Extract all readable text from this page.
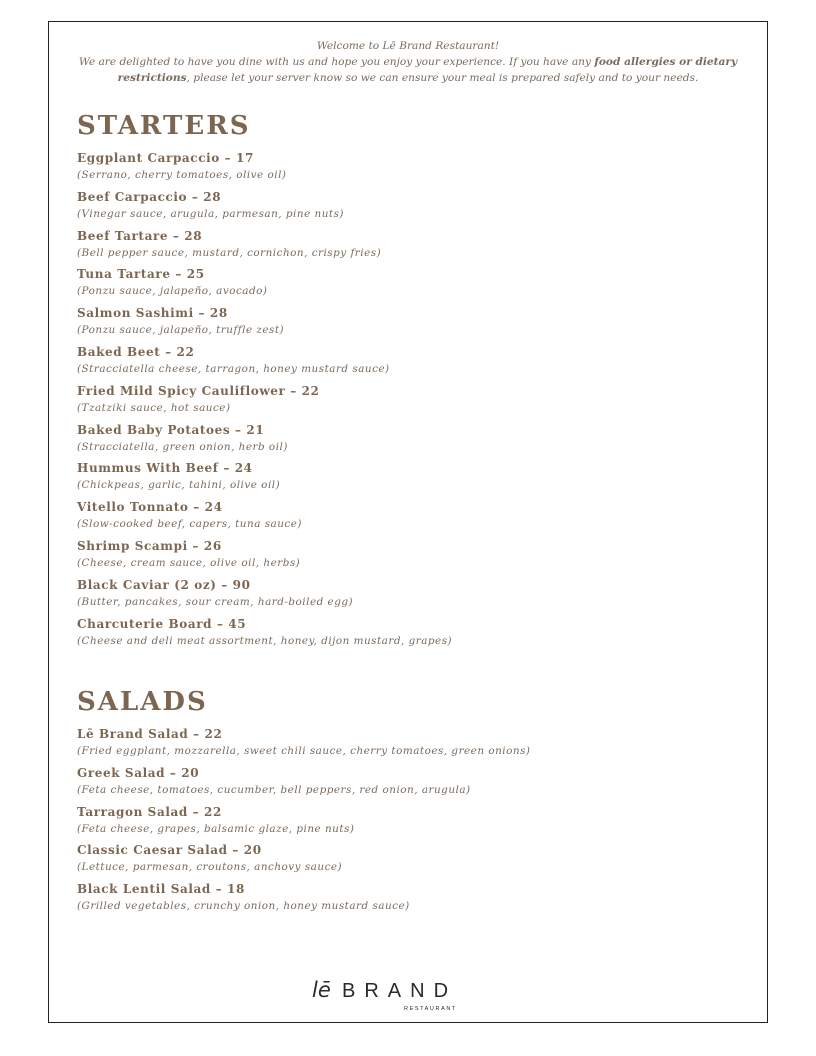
Welcome to Lē Brand Restaurant!
We are delighted to have you dine with us and hope you enjoy your experience. If you have any food allergies or dietary restrictions, please let your server know so we can ensure your meal is prepared safely and to your needs.
STARTERS
Eggplant Carpaccio – 17
(Serrano, cherry tomatoes, olive oil)
Beef Carpaccio – 28
(Vinegar sauce, arugula, parmesan, pine nuts)
Beef Tartare – 28
(Bell pepper sauce, mustard, cornichon, crispy fries)
Tuna Tartare – 25
(Ponzu sauce, jalapeño, avocado)
Salmon Sashimi – 28
(Ponzu sauce, jalapeño, truffle zest)
Baked Beet – 22
(Stracciatella cheese, tarragon, honey mustard sauce)
Fried Mild Spicy Cauliflower – 22
(Tzatziki sauce, hot sauce)
Baked Baby Potatoes – 21
(Stracciatella, green onion, herb oil)
Hummus With Beef – 24
(Chickpeas, garlic, tahini, olive oil)
Vitello Tonnato – 24
(Slow-cooked beef, capers, tuna sauce)
Shrimp Scampi – 26
(Cheese, cream sauce, olive oil, herbs)
Black Caviar (2 oz) – 90
(Butter, pancakes, sour cream, hard-boiled egg)
Charcuterie Board – 45
(Cheese and deli meat assortment, honey, dijon mustard, grapes)
SALADS
Lē Brand Salad – 22
(Fried eggplant, mozzarella, sweet chili sauce, cherry tomatoes, green onions)
Greek Salad – 20
(Feta cheese, tomatoes, cucumber, bell peppers, red onion, arugula)
Tarragon Salad – 22
(Feta cheese, grapes, balsamic glaze, pine nuts)
Classic Caesar Salad – 20
(Lettuce, parmesan, croutons, anchovy sauce)
Black Lentil Salad – 18
(Grilled vegetables, crunchy onion, honey mustard sauce)
lē BRAND
RESTAURANT
